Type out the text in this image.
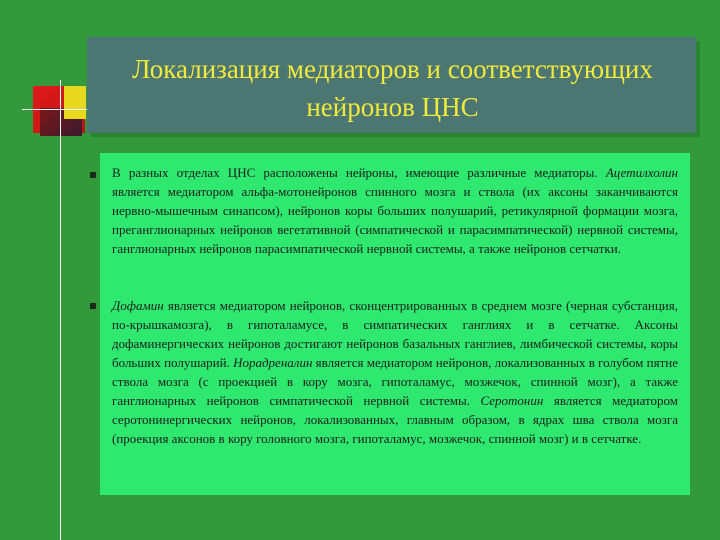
Локализация медиаторов и соответствующих нейронов ЦНС

В разных отделах ЦНС расположены нейроны, имеющие различные медиаторы. Ацетилхолин является медиатором альфа-мотонейронов спинного мозга и ствола (их аксоны заканчиваются нервно-мышечным синапсом), нейронов коры больших полушарий, ретикулярной формации мозга, преганглионарных нейронов вегетативной (симпатической и парасимпатической) нервной системы, ганглионарных нейронов парасимпатической нервной системы, а также нейронов сетчатки.

Дофамин является медиатором нейронов, сконцентрированных в среднем мозге (черная субстанция, по-крышкамозга), в гипоталамусе, в симпатических ганглиях и в сетчатке. Аксоны дофаминергических нейронов достигают нейронов базальных ганглиев, лимбической системы, коры больших полушарий. Норадреналин является медиатором нейронов, локализованных в голубом пятне ствола мозга (с проекцией в кору мозга, гипоталамус, мозжечок, спинной мозг), а также ганглионарных нейронов симпатической нервной системы. Серотонин является медиатором серотонинергических нейронов, локализованных, главным образом, в ядрах шва ствола мозга (проекция аксонов в кору головного мозга, гипоталамус, мозжечок, спинной мозг) и в сетчатке.
